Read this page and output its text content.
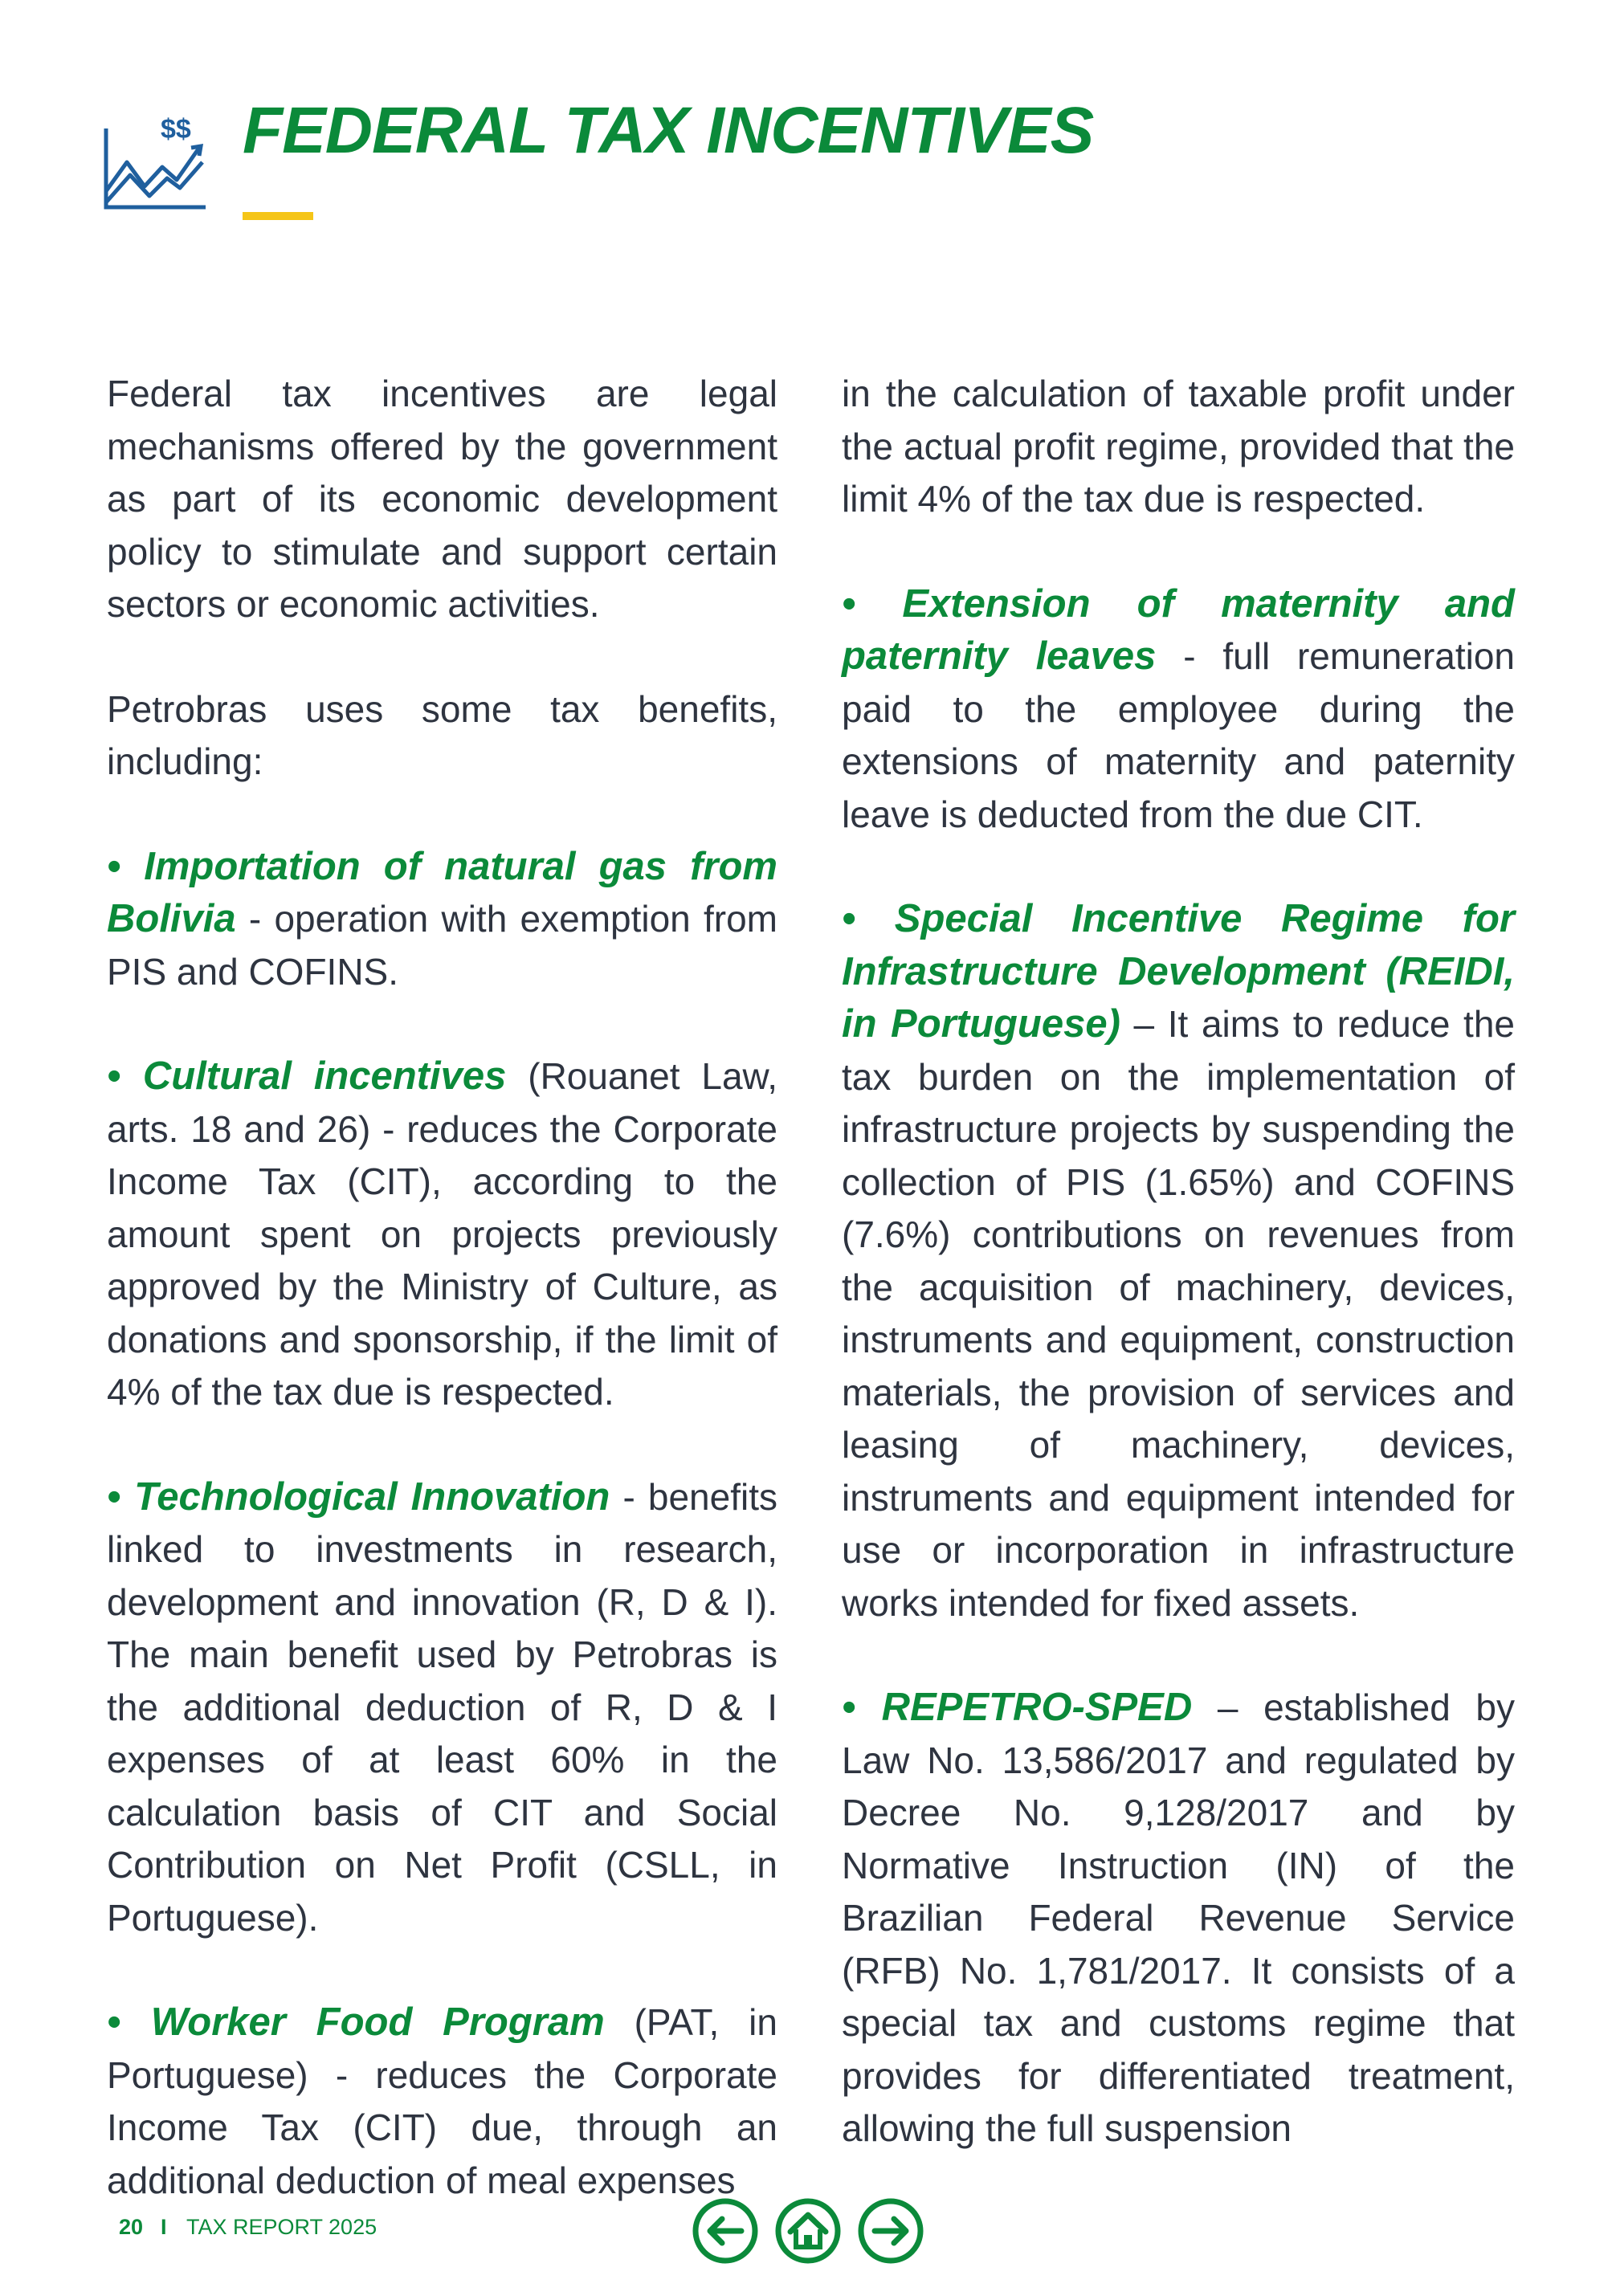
$$ FEDERAL TAX INCENTIVES

Federal tax incentives are legal mechanisms offered by the government as part of its economic development policy to stimulate and support certain sectors or economic activities.

Petrobras uses some tax benefits, including:

• Importation of natural gas from Bolivia - operation with exemption from PIS and COFINS.

• Cultural incentives (Rouanet Law, arts. 18 and 26) - reduces the Corporate Income Tax (CIT), according to the amount spent on projects previously approved by the Ministry of Culture, as donations and sponsorship, if the limit of 4% of the tax due is respected.

• Technological Innovation - benefits linked to investments in research, development and innovation (R, D & I). The main benefit used by Petrobras is the additional deduction of R, D & I expenses of at least 60% in the calculation basis of CIT and Social Contribution on Net Profit (CSLL, in Portuguese).

• Worker Food Program (PAT, in Portuguese) - reduces the Corporate Income Tax (CIT) due, through an additional deduction of meal expenses

in the calculation of taxable profit under the actual profit regime, provided that the limit 4% of the tax due is respected.

• Extension of maternity and paternity leaves - full remuneration paid to the employee during the extensions of maternity and paternity leave is deducted from the due CIT.

• Special Incentive Regime for Infrastructure Development (REIDI, in Portuguese) – It aims to reduce the tax burden on the implementation of infrastructure projects by suspending the collection of PIS (1.65%) and COFINS (7.6%) contributions on revenues from the acquisition of machinery, devices, instruments and equipment, construction materials, the provision of services and leasing of machinery, devices, instruments and equipment intended for use or incorporation in infrastructure works intended for fixed assets.

• REPETRO-SPED – established by Law No. 13,586/2017 and regulated by Decree No. 9,128/2017 and by Normative Instruction (IN) of the Brazilian Federal Revenue Service (RFB) No. 1,781/2017. It consists of a special tax and customs regime that provides for differentiated treatment, allowing the full suspension

20 I TAX REPORT 2025
